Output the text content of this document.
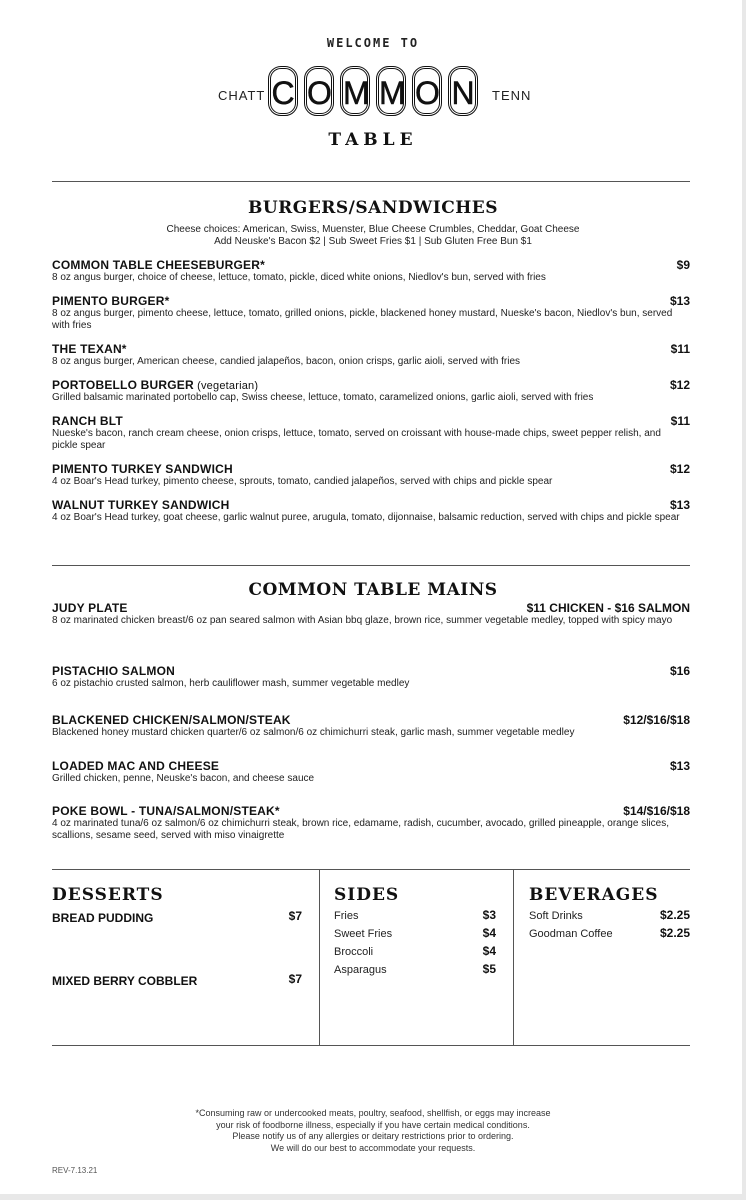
WELCOME TO
CHATT	TENN
TABLE
BURGERS/SANDWICHES
Cheese choices: American, Swiss, Muenster, Blue Cheese Crumbles, Cheddar, Goat Cheese
Add Neuske's Bacon $2 | Sub Sweet Fries $1 | Sub Gluten Free Bun $1
COMMON TABLE CHEESEBURGER*	$9
8 oz angus burger, choice of cheese, lettuce, tomato, pickle, diced white onions, Niedlov's bun, served with fries
PIMENTO BURGER*	$13
8 oz angus burger, pimento cheese, lettuce, tomato, grilled onions, pickle, blackened honey mustard, Nueske's bacon, Niedlov's bun, served with fries
THE TEXAN*	$11
8 oz angus burger, American cheese, candied jalapeños, bacon, onion crisps, garlic aioli, served with fries
PORTOBELLO BURGER (vegetarian)	$12
Grilled balsamic marinated portobello cap, Swiss cheese, lettuce, tomato, caramelized onions, garlic aioli, served with fries
RANCH BLT	$11
Nueske's bacon, ranch cream cheese, onion crisps, lettuce, tomato, served on croissant with house-made chips, sweet pepper relish, and pickle spear
PIMENTO TURKEY SANDWICH	$12
4 oz Boar's Head turkey, pimento cheese, sprouts, tomato, candied jalapeños, served with chips and pickle spear
WALNUT TURKEY SANDWICH	$13
4 oz Boar's Head turkey, goat cheese, garlic walnut puree, arugula, tomato, dijonnaise, balsamic reduction, served with chips and pickle spear
COMMON TABLE MAINS
JUDY PLATE	$11 CHICKEN - $16 SALMON
8 oz marinated chicken breast/6 oz pan seared salmon with Asian bbq glaze, brown rice, summer vegetable medley, topped with spicy mayo
PISTACHIO SALMON	$16
6 oz pistachio crusted salmon, herb cauliflower mash, summer vegetable medley
BLACKENED CHICKEN/SALMON/STEAK	$12/$16/$18
Blackened honey mustard chicken quarter/6 oz salmon/6 oz chimichurri steak, garlic mash, summer vegetable medley
LOADED MAC AND CHEESE	$13
Grilled chicken, penne, Neuske's bacon, and cheese sauce
POKE BOWL - TUNA/SALMON/STEAK*	$14/$16/$18
4 oz marinated tuna/6 oz salmon/6 oz chimichurri steak, brown rice, edamame, radish, cucumber, avocado, grilled pineapple, orange slices, scallions, sesame seed, served with miso vinaigrette
DESSERTS
BREAD PUDDING	$7
MIXED BERRY COBBLER	$7
SIDES
Fries	$3
Sweet Fries	$4
Broccoli	$4
Asparagus	$5
BEVERAGES
Soft Drinks	$2.25
Goodman Coffee	$2.25
*Consuming raw or undercooked meats, poultry, seafood, shellfish, or eggs may increase
your risk of foodborne illness, especially if you have certain medical conditions.
Please notify us of any allergies or deitary restrictions prior to ordering.
We will do our best to accommodate your requests.
REV-7.13.21
